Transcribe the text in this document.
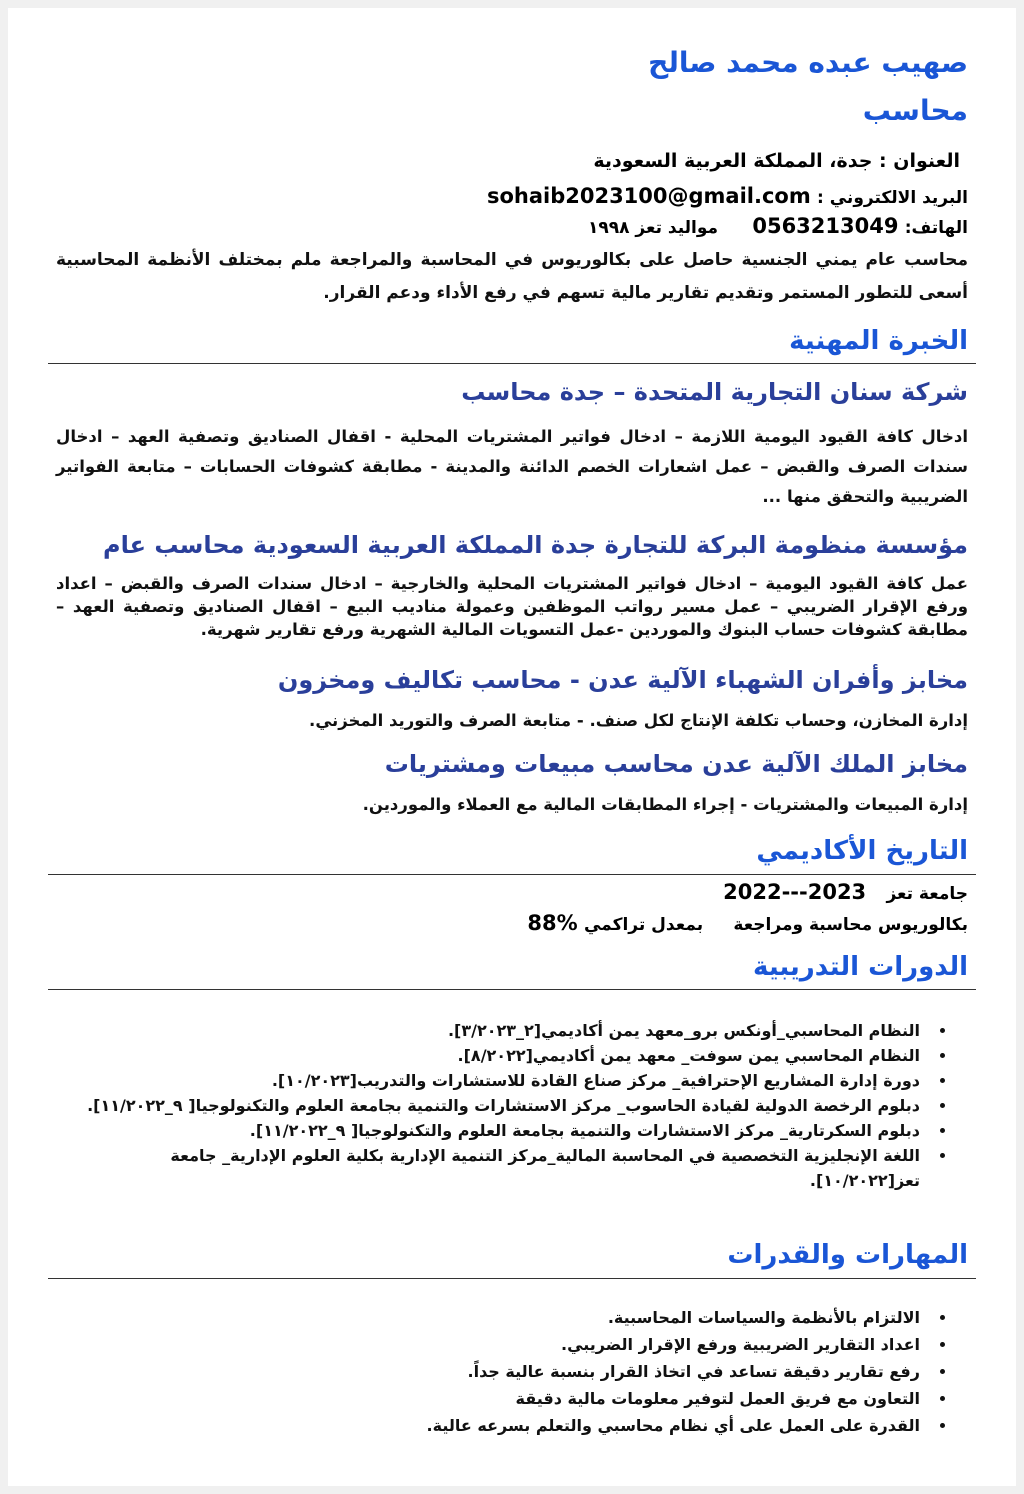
صهيب عبده محمد صالح
محاسب
العنوان : جدة، المملكة العربية السعودية
البريد الالكتروني : sohaib2023100@gmail.com
الهاتف: 0563213049 مواليد تعز ١٩٩٨
محاسب عام يمني الجنسية حاصل على بكالوريوس في المحاسبة والمراجعة ملم بمختلف الأنظمة المحاسبية أسعى للتطور المستمر وتقديم تقارير مالية تسهم في رفع الأداء ودعم القرار.
الخبرة المهنية
شركة سنان التجارية المتحدة – جدة محاسب
ادخال كافة القيود اليومية اللازمة – ادخال فواتير المشتريات المحلية - اقفال الصناديق وتصفية العهد – ادخال سندات الصرف والقبض – عمل اشعارات الخصم الدائنة والمدينة - مطابقة كشوفات الحسابات – متابعة الفواتير الضريبية والتحقق منها ...
مؤسسة منظومة البركة للتجارة جدة المملكة العربية السعودية محاسب عام
عمل كافة القيود اليومية – ادخال فواتير المشتريات المحلية والخارجية – ادخال سندات الصرف والقبض – اعداد ورفع الإقرار الضريبي – عمل مسير رواتب الموظفين وعمولة مناديب البيع – اقفال الصناديق وتصفية العهد – مطابقة كشوفات حساب البنوك والموردين -عمل التسويات المالية الشهرية ورفع تقارير شهرية.
مخابز وأفران الشهباء الآلية عدن - محاسب تكاليف ومخزون
إدارة المخازن، وحساب تكلفة الإنتاج لكل صنف. - متابعة الصرف والتوريد المخزني.
مخابز الملك الآلية عدن محاسب مبيعات ومشتريات
إدارة المبيعات والمشتريات - إجراء المطابقات المالية مع العملاء والموردين.
التاريخ الأكاديمي
جامعة تعز 2022---2023
بكالوريوس محاسبة ومراجعة بمعدل تراكمي 88%
الدورات التدريبية
• النظام المحاسبي_أونكس برو_معهد يمن أكاديمي[٢_٣/٢٠٢٣].
• النظام المحاسبي يمن سوفت_ معهد يمن أكاديمي[٨/٢٠٢٢].
• دورة إدارة المشاريع الإحترافية_ مركز صناع القادة للاستشارات والتدريب[١٠/٢٠٢٣].
• دبلوم الرخصة الدولية لقيادة الحاسوب_ مركز الاستشارات والتنمية بجامعة العلوم والتكنولوجيا[ ٩_١١/٢٠٢٢].
• دبلوم السكرتارية_ مركز الاستشارات والتنمية بجامعة العلوم والتكنولوجيا[ ٩_١١/٢٠٢٢].
• اللغة الإنجليزية التخصصية في المحاسبة المالية_مركز التنمية الإدارية بكلية العلوم الإدارية_ جامعة تعز[١٠/٢٠٢٢].
المهارات والقدرات
• الالتزام بالأنظمة والسياسات المحاسبية.
• اعداد التقارير الضريبية ورفع الإقرار الضريبي.
• رفع تقارير دقيقة تساعد في اتخاذ القرار بنسبة عالية جداً.
• التعاون مع فريق العمل لتوفير معلومات مالية دقيقة
• القدرة على العمل على أي نظام محاسبي والتعلم بسرعه عالية.
